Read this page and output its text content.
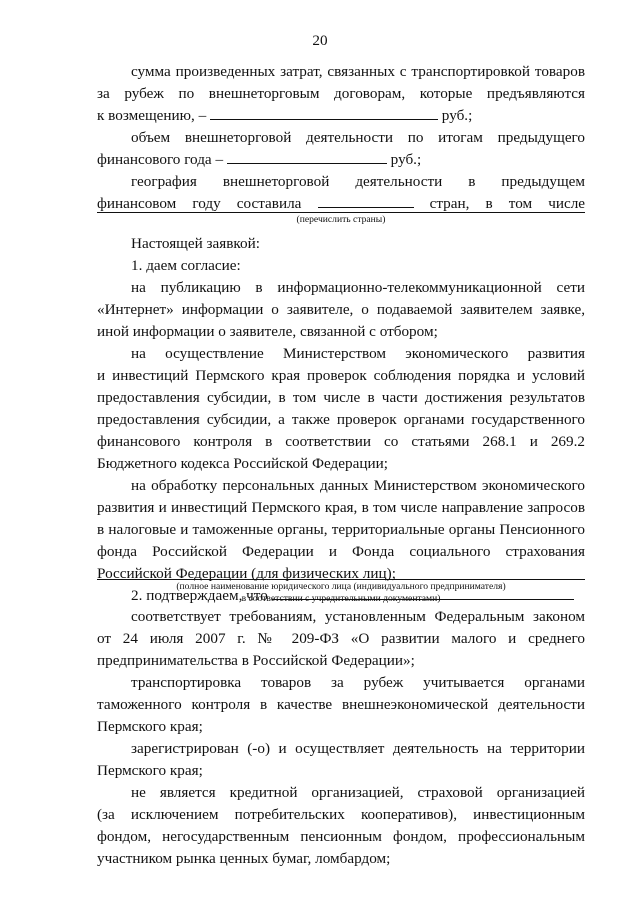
20

сумма произведенных затрат, связанных с транспортировкой товаров

за рубеж по внешнеторговым договорам, которые предъявляются

к возмещению, –	руб.;

объем внешнеторговой деятельности по итогам предыдущего

финансового года –	руб.;

география внешнеторговой деятельности в предыдущем

финансовом году составила	стран, в том числе

(перечислить страны)

Настоящей заявкой:

1. даем согласие:

на публикацию в информационно-телекоммуникационной сети

«Интернет» информации о заявителе, о подаваемой заявителем заявке,

иной информации о заявителе, связанной с отбором;

на осуществление Министерством экономического развития

и инвестиций Пермского края проверок соблюдения порядка и условий

предоставления субсидии, в том числе в части достижения результатов

предоставления субсидии, а также проверок органами государственного

финансового контроля в соответствии со статьями 268.1 и 269.2

Бюджетного кодекса Российской Федерации;

на обработку персональных данных Министерством экономического

развития и инвестиций Пермского края, в том числе направление запросов

в налоговые и таможенные органы, территориальные органы Пенсионного

фонда Российской Федерации и Фонда социального страхования

Российской Федерации (для физических лиц);

2. подтверждаем, что

(полное наименование юридического лица (индивидуального предпринимателя)
в соответствии с учредительными документами)

соответствует требованиям, установленным Федеральным законом

от 24 июля 2007 г. № 209-ФЗ «О развитии малого и среднего

предпринимательства в Российской Федерации»;

транспортировка товаров за рубеж учитывается органами

таможенного контроля в качестве внешнеэкономической деятельности

Пермского края;

зарегистрирован (-о) и осуществляет деятельность на территории

Пермского края;

не является кредитной организацией, страховой организацией

(за исключением потребительских кооперативов), инвестиционным

фондом, негосударственным пенсионным фондом, профессиональным

участником рынка ценных бумаг, ломбардом;
